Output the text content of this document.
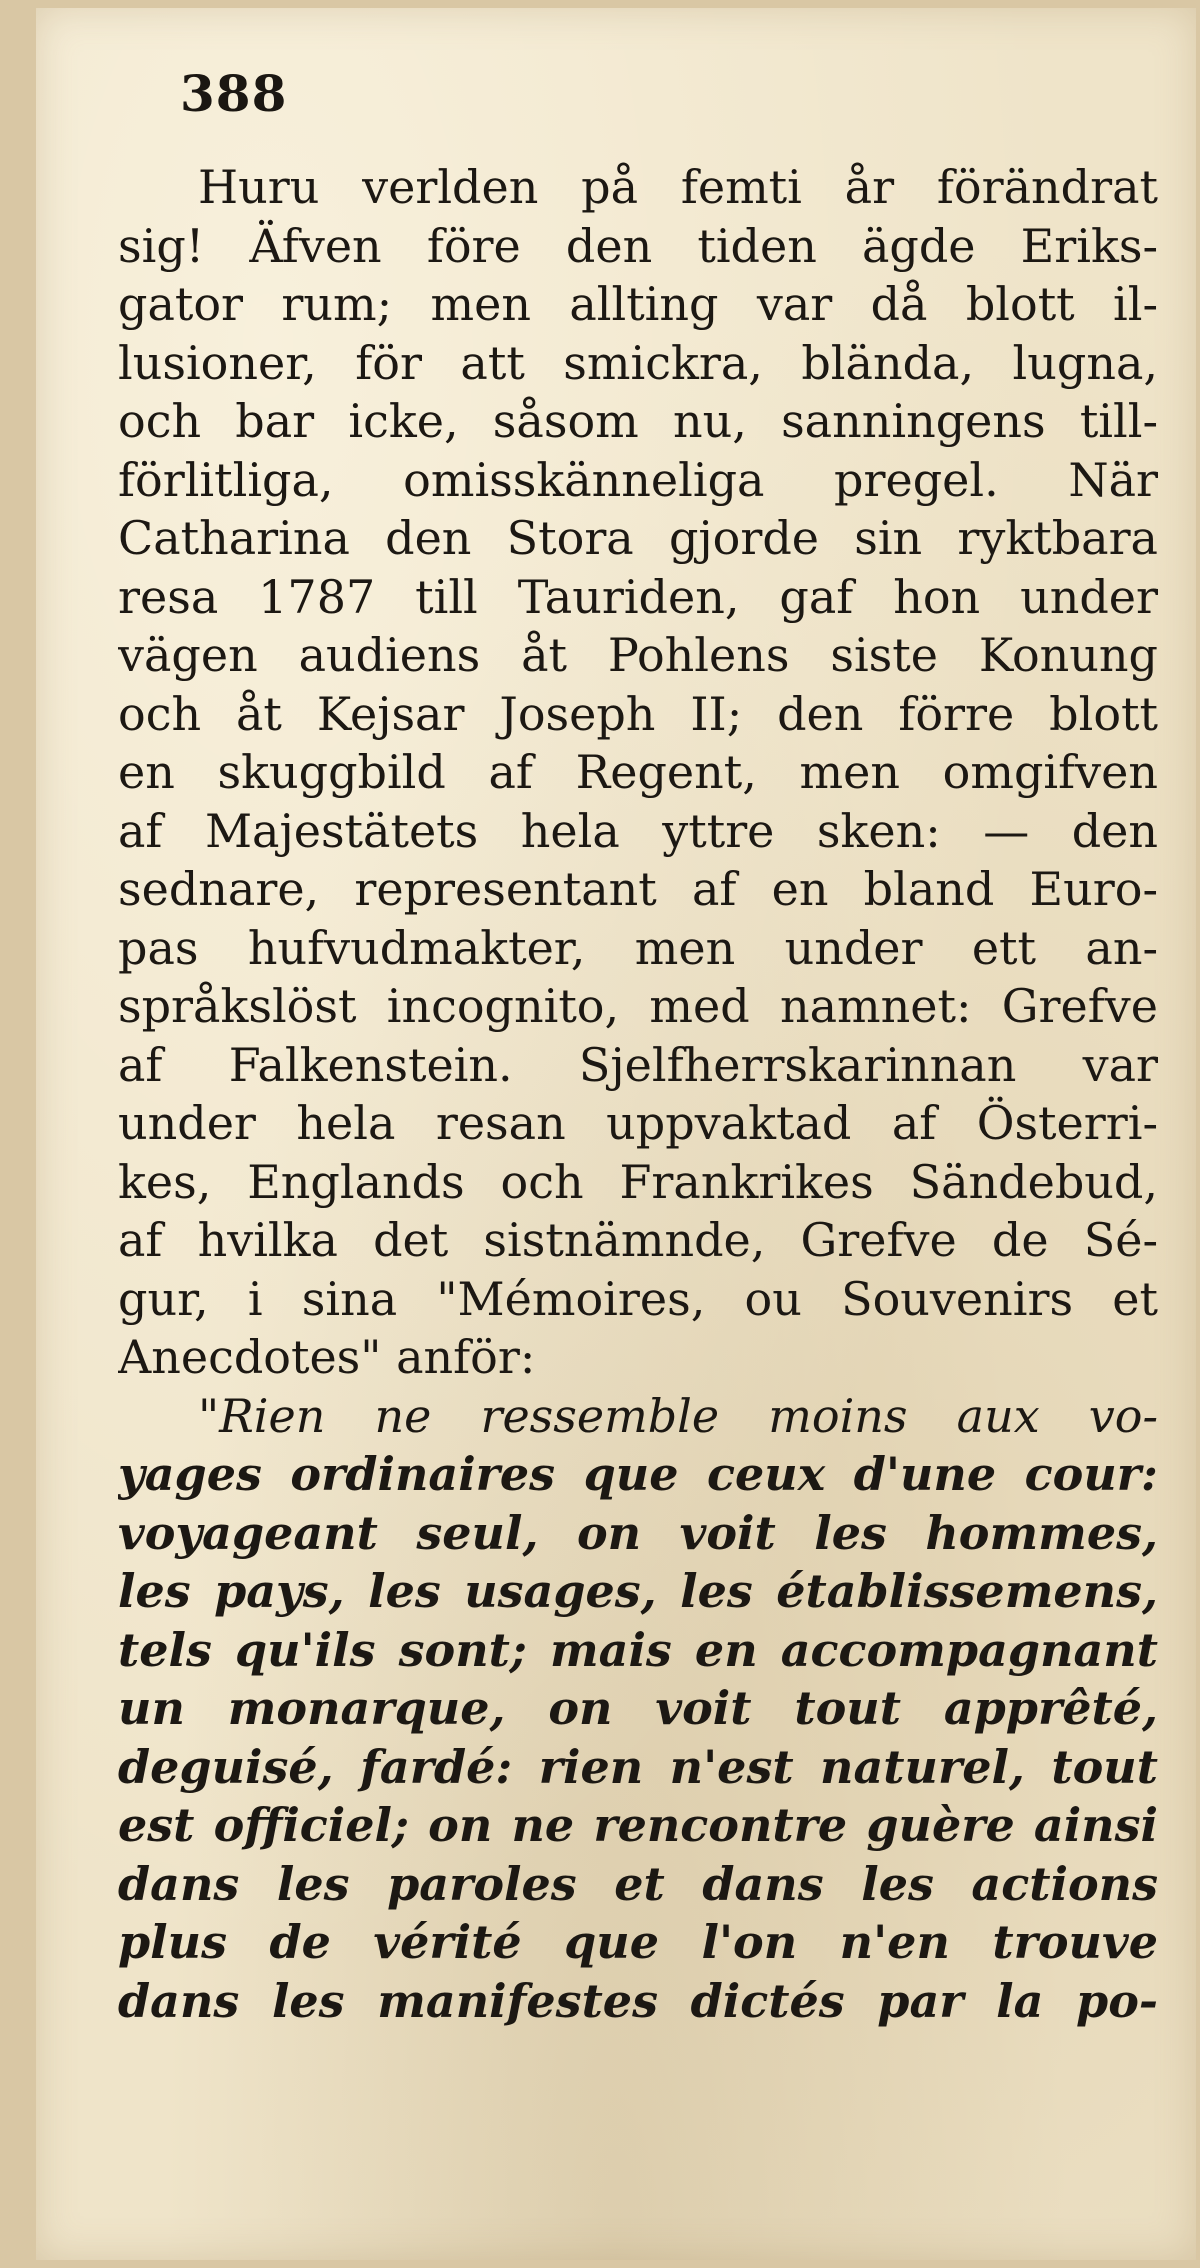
388
Huru verlden på femti år förändrat
sig! Äfven före den tiden ägde Eriks-
gator rum; men allting var då blott il-
lusioner, för att smickra, blända, lugna,
och bar icke, såsom nu, sanningens till-
förlitliga, omisskänneliga pregel. När
Catharina den Stora gjorde sin ryktbara
resa 1787 till Tauriden, gaf hon under
vägen audiens åt Pohlens siste Konung
och åt Kejsar Joseph II; den förre blott
en skuggbild af Regent, men omgifven
af Majestätets hela yttre sken: — den
sednare, representant af en bland Euro-
pas hufvudmakter, men under ett an-
språkslöst incognito, med namnet: Grefve
af Falkenstein. Sjelfherrskarinnan var
under hela resan uppvaktad af Österri-
kes, Englands och Frankrikes Sändebud,
af hvilka det sistnämnde, Grefve de Sé-
gur, i sina "Mémoires, ou Souvenirs et
Anecdotes" anför:
"Rien ne ressemble moins aux vo-
yages ordinaires que ceux d'une cour:
voyageant seul, on voit les hommes,
les pays, les usages, les établissemens,
tels qu'ils sont; mais en accompagnant
un monarque, on voit tout apprêté,
deguisé, fardé: rien n'est naturel, tout
est officiel; on ne rencontre guère ainsi
dans les paroles et dans les actions
plus de vérité que l'on n'en trouve
dans les manifestes dictés par la po-
